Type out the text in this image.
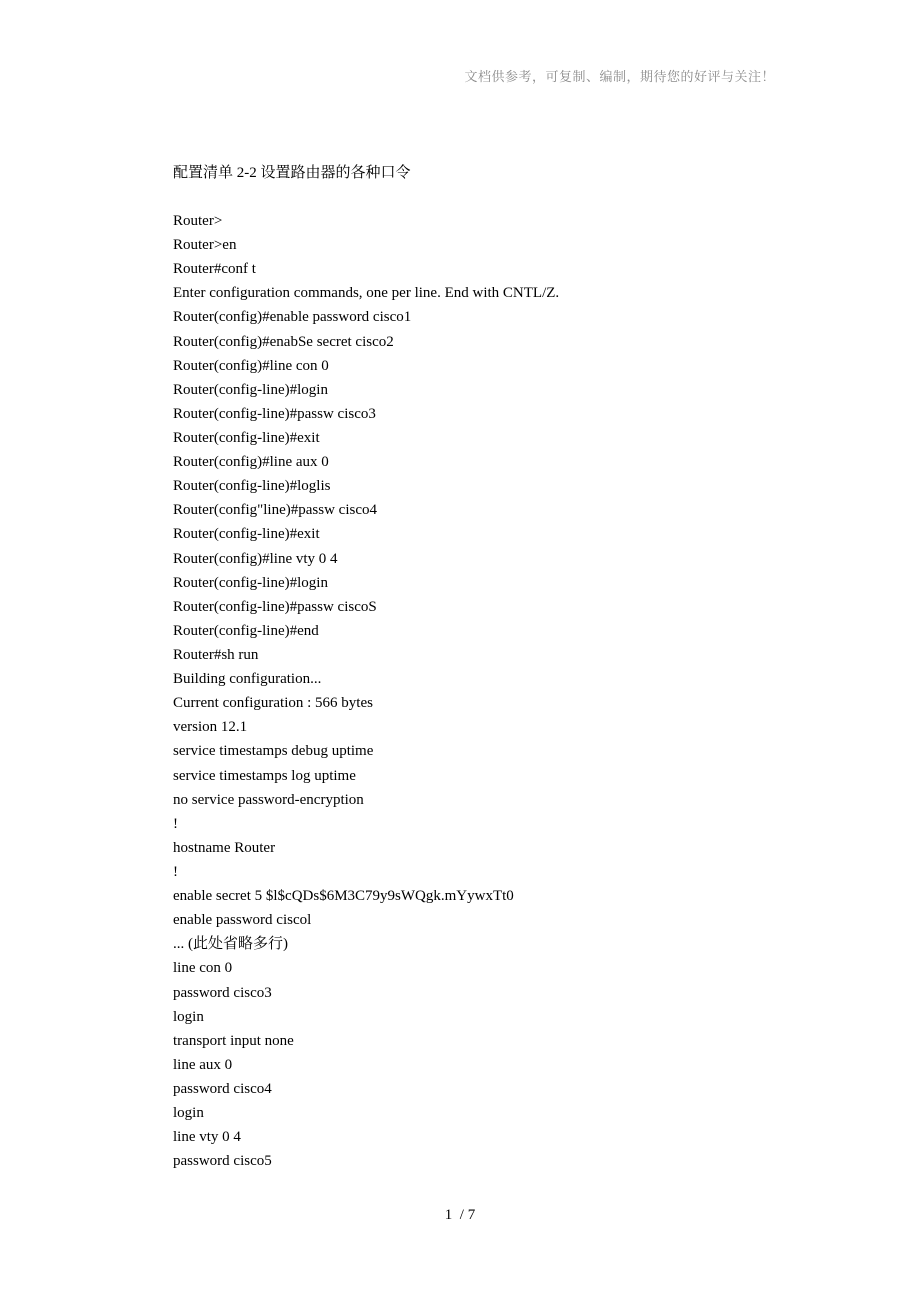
文档供参考，可复制、编制，期待您的好评与关注！
配置清单 2-2 设置路由器的各种口令
Router>
Router>en
Router#conf t
Enter configuration commands, one per line. End with CNTL/Z.
Router(config)#enable password cisco1
Router(config)#enabSe secret cisco2
Router(config)#line con 0
Router(config-line)#login
Router(config-line)#passw cisco3
Router(config-line)#exit
Router(config)#line aux 0
Router(config-line)#loglis
Router(config"line)#passw cisco4
Router(config-line)#exit
Router(config)#line vty 0 4
Router(config-line)#login
Router(config-line)#passw ciscoS
Router(config-line)#end
Router#sh run
Building configuration...
Current configuration : 566 bytes
version 12.1
service timestamps debug uptime
service timestamps log uptime
no service password-encryption
!
hostname Router
!
enable secret 5 $l$cQDs$6M3C79y9sWQgk.mYywxTt0
enable password ciscol
... (此处省略多行)
line con 0
password cisco3
login
transport input none
line aux 0
password cisco4
login
line vty 0 4
password cisco5
1  / 7
